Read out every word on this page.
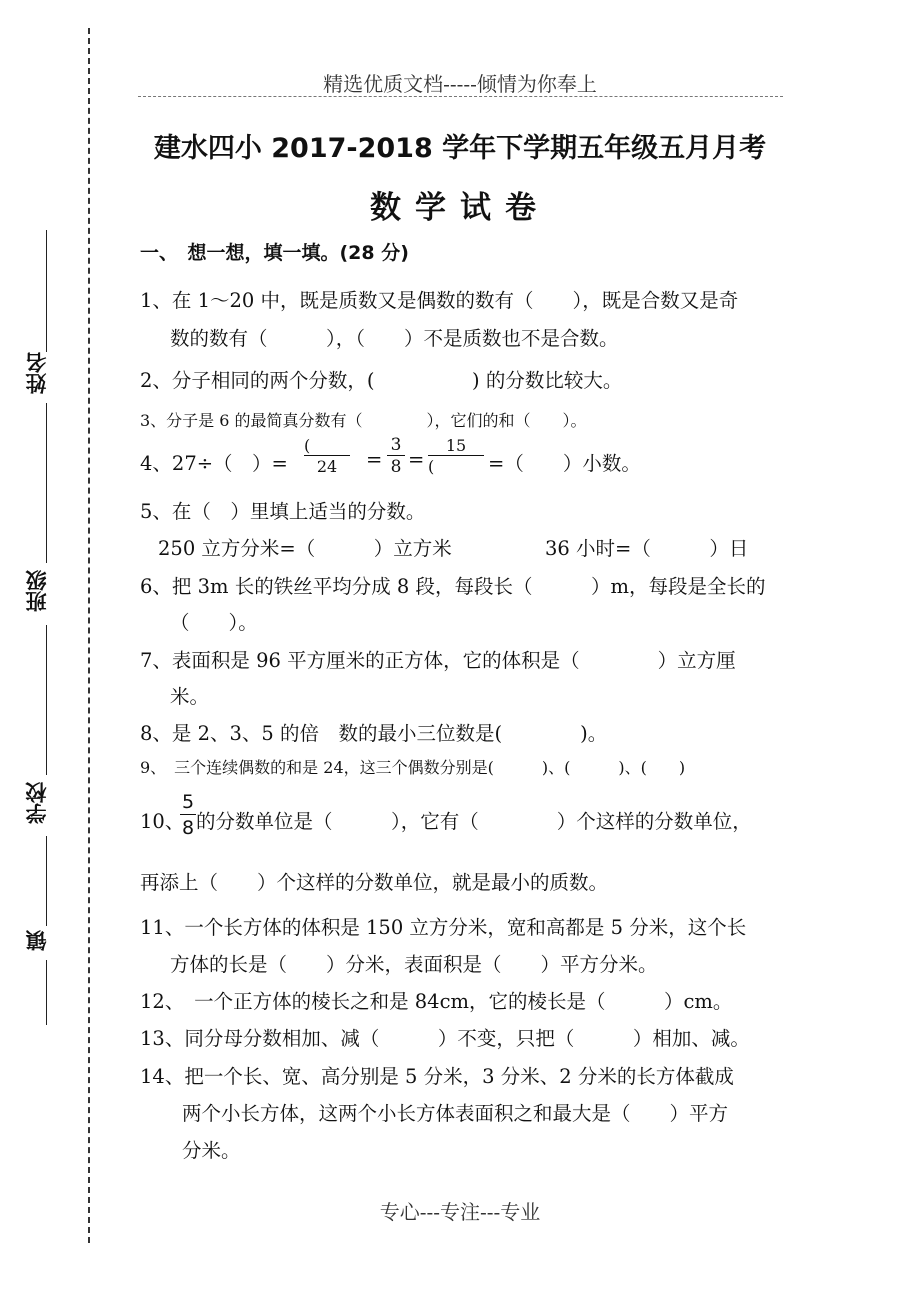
姓名
班级
学校
镇
精选优质文档-----倾情为你奉上
建水四小 2017-2018 学年下学期五年级五月月考
数学试卷
一、　想一想，填一填。(28 分)
1、在 1～20 中，既是质数又是偶数的数有（　　），既是合数又是奇
数的数有（　　　），（　　）不是质数也不是合数。
2、分子相同的两个分数，(　　　　　) 的分数比较大。
3、分子是 6 的最简真分数有（　　　　），它们的和（　　）。
4、27÷（　）=
(
24	= $\frac{3}{8}$ =
15
(	=（　　）小数。
5、在（　）里填上适当的分数。
250 立方分米=（　　　）立方米	36 小时=（　　　）日
6、把 3m 长的铁丝平均分成 8 段，每段长（　　　）m，每段是全长的
（　　）。
7、表面积是 96 平方厘米的正方体，它的体积是（　　　　）立方厘
米。
8、是 2、3、5 的倍　数的最小三位数是(　　　　)。
9、　三个连续偶数的和是 24，这三个偶数分别是(　　　)、(　　　)、(　　)
10、
$\frac{5}{8}$ 的分数单位是（　　　），它有（　　　　）个这样的分数单位，
再添上（　　）个这样的分数单位，就是最小的质数。
11、一个长方体的体积是 150 立方分米，宽和高都是 5 分米，这个长
方体的长是（　　）分米，表面积是（　　）平方分米。
12、　一个正方体的棱长之和是 84cm，它的棱长是（　　　）cm。
13、同分母分数相加、减（　　　）不变，只把（　　　）相加、减。
14、把一个长、宽、高分别是 5 分米，3 分米、2 分米的长方体截成
两个小长方体，这两个小长方体表面积之和最大是（　　）平方
分米。
专心---专注---专业
